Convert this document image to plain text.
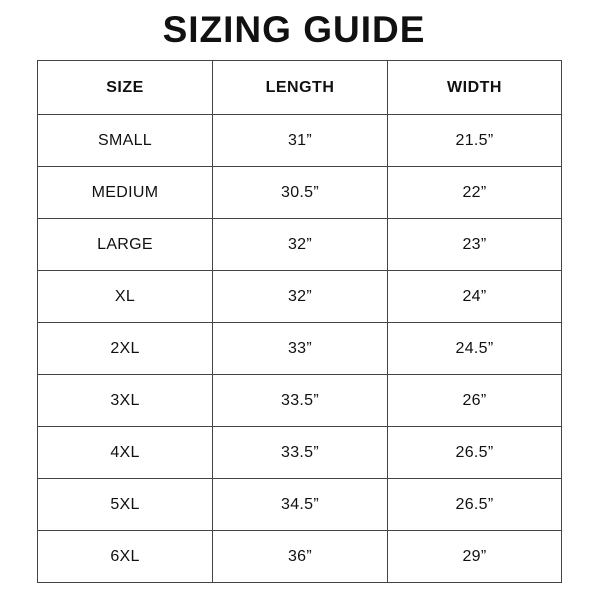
SIZING GUIDE
SIZE	LENGTH	WIDTH
SMALL	31”	21.5”
MEDIUM	30.5”	22”
LARGE	32”	23”
XL	32”	24”
2XL	33”	24.5”
3XL	33.5”	26”
4XL	33.5”	26.5”
5XL	34.5”	26.5”
6XL	36”	29”
